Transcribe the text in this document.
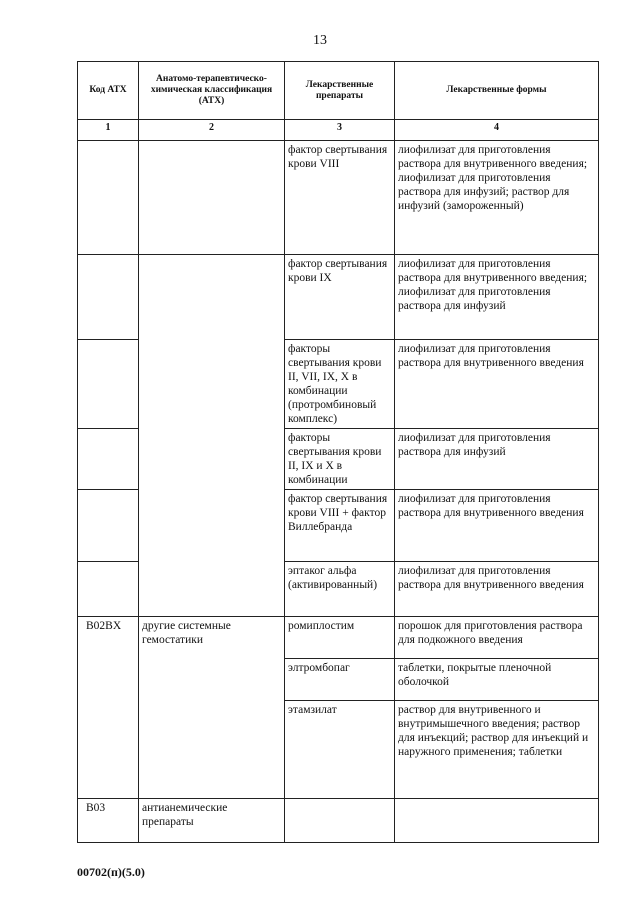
13
Код АТХ	Анатомо-терапевтическо-химическая классификация (АТХ)	Лекарственные препараты	Лекарственные формы
1	2	3	4
		фактор свертывания крови VIII	лиофилизат для приготовления раствора для внутривенного введения; лиофилизат для приготовления раствора для инфузий; раствор для инфузий (замороженный)
		фактор свертывания крови IX	лиофилизат для приготовления раствора для внутривенного введения; лиофилизат для приготовления раствора для инфузий
		факторы свертывания крови II, VII, IX, X в комбинации (протромбиновый комплекс)	лиофилизат для приготовления раствора для внутривенного введения
		факторы свертывания крови II, IX и X в комбинации	лиофилизат для приготовления раствора для инфузий
		фактор свертывания крови VIII + фактор Виллебранда	лиофилизат для приготовления раствора для внутривенного введения
		эптаког альфа (активированный)	лиофилизат для приготовления раствора для внутривенного введения
B02BX	другие системные гемостатики	ромиплостим	порошок для приготовления раствора для подкожного введения
		элтромбопаг	таблетки, покрытые пленочной оболочкой
		этамзилат	раствор для внутривенного и внутримышечного введения; раствор для инъекций; раствор для инъекций и наружного применения; таблетки
B03	антианемические препараты		
00702(п)(5.0)
